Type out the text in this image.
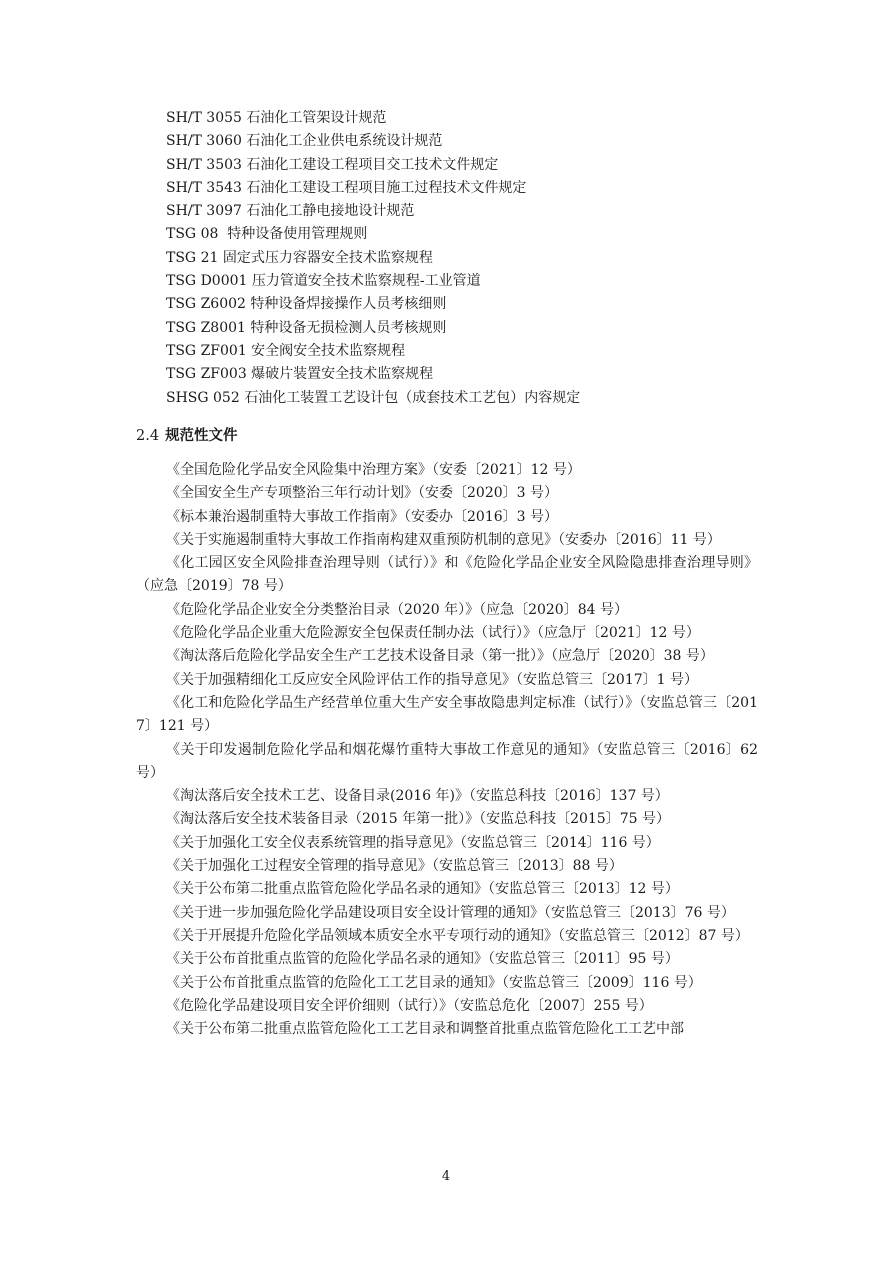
SH/T 3055 石油化工管架设计规范
SH/T 3060 石油化工企业供电系统设计规范
SH/T 3503 石油化工建设工程项目交工技术文件规定
SH/T 3543 石油化工建设工程项目施工过程技术文件规定
SH/T 3097 石油化工静电接地设计规范
TSG 08  特种设备使用管理规则
TSG 21 固定式压力容器安全技术监察规程
TSG D0001 压力管道安全技术监察规程-工业管道
TSG Z6002 特种设备焊接操作人员考核细则
TSG Z8001 特种设备无损检测人员考核规则
TSG ZF001 安全阀安全技术监察规程
TSG ZF003 爆破片装置安全技术监察规程
SHSG 052 石油化工装置工艺设计包（成套技术工艺包）内容规定
2.4 规范性文件
《全国危险化学品安全风险集中治理方案》（安委〔2021〕12 号）
《全国安全生产专项整治三年行动计划》（安委〔2020〕3 号）
《标本兼治遏制重特大事故工作指南》（安委办〔2016〕3 号）
《关于实施遏制重特大事故工作指南构建双重预防机制的意见》（安委办〔2016〕11 号）
《化工园区安全风险排查治理导则（试行）》和《危险化学品企业安全风险隐患排查治理导则》（应急〔2019〕78 号）
《危险化学品企业安全分类整治目录（2020 年）》（应急〔2020〕84 号）
《危险化学品企业重大危险源安全包保责任制办法（试行）》（应急厅〔2021〕12 号）
《淘汰落后危险化学品安全生产工艺技术设备目录（第一批）》（应急厅〔2020〕38 号）
《关于加强精细化工反应安全风险评估工作的指导意见》（安监总管三〔2017〕1 号）
《化工和危险化学品生产经营单位重大生产安全事故隐患判定标准（试行）》（安监总管三〔2017〕121 号）
《关于印发遏制危险化学品和烟花爆竹重特大事故工作意见的通知》（安监总管三〔2016〕62 号）
《淘汰落后安全技术工艺、设备目录(2016 年)》（安监总科技〔2016〕137 号）
《淘汰落后安全技术装备目录（2015 年第一批）》（安监总科技〔2015〕75 号）
《关于加强化工安全仪表系统管理的指导意见》（安监总管三〔2014〕116 号）
《关于加强化工过程安全管理的指导意见》（安监总管三〔2013〕88 号）
《关于公布第二批重点监管危险化学品名录的通知》（安监总管三〔2013〕12 号）
《关于进一步加强危险化学品建设项目安全设计管理的通知》（安监总管三〔2013〕76 号）
《关于开展提升危险化学品领域本质安全水平专项行动的通知》（安监总管三〔2012〕87 号）
《关于公布首批重点监管的危险化学品名录的通知》（安监总管三〔2011〕95 号）
《关于公布首批重点监管的危险化工工艺目录的通知》（安监总管三〔2009〕116 号）
《危险化学品建设项目安全评价细则（试行）》（安监总危化〔2007〕255 号）
《关于公布第二批重点监管危险化工工艺目录和调整首批重点监管危险化工工艺中部
4
